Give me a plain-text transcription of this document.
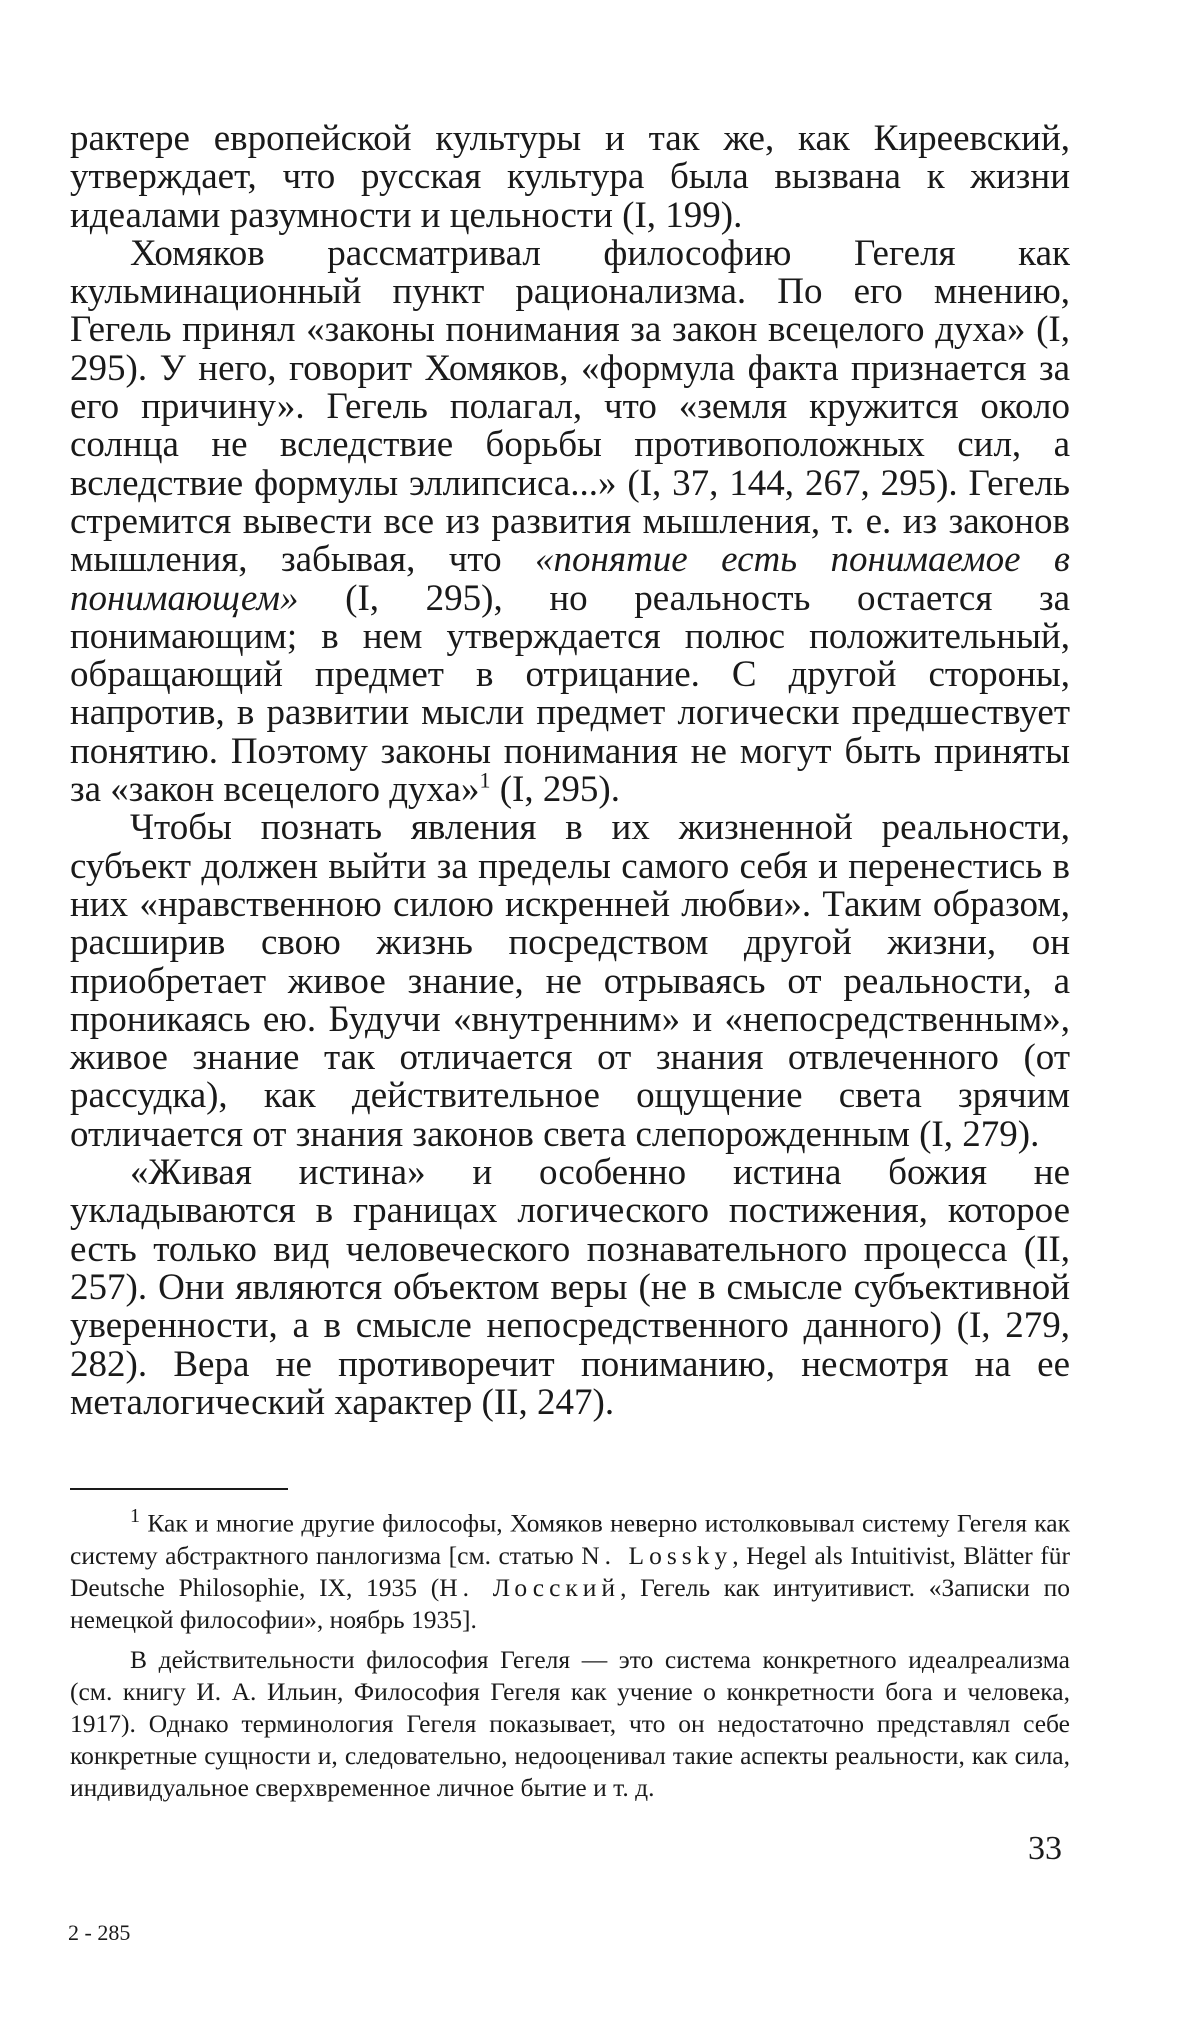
рактере европейской культуры и так же, как Киреевский, утверждает, что русская культура была вызвана к жизни идеалами разумности и цельности (I, 199).

Хомяков рассматривал философию Гегеля как кульминационный пункт рационализма. По его мнению, Гегель принял «законы понимания за закон всецелого духа» (I, 295). У него, говорит Хомяков, «формула факта признается за его причину». Гегель полагал, что «земля кружится около солнца не вследствие борьбы противоположных сил, а вследствие формулы эллипсиса...» (I, 37, 144, 267, 295). Гегель стремится вывести все из развития мышления, т. е. из законов мышления, забывая, что «понятие есть понимаемое в понимающем» (I, 295), но реальность остается за понимающим; в нем утверждается полюс положительный, обращающий предмет в отрицание. С другой стороны, напротив, в развитии мысли предмет логически предшествует понятию. Поэтому законы понимания не могут быть приняты за «закон всецелого духа»$^1$ (I, 295).

Чтобы познать явления в их жизненной реальности, субъект должен выйти за пределы самого себя и перенестись в них «нравственною силою искренней любви». Таким образом, расширив свою жизнь посредством другой жизни, он приобретает живое знание, не отрываясь от реальности, а проникаясь ею. Будучи «внутренним» и «непосредственным», живое знание так отличается от знания отвлеченного (от рассудка), как действительное ощущение света зрячим отличается от знания законов света слепорожденным (I, 279).

«Живая истина» и особенно истина божия не укладываются в границах логического постижения, которое есть только вид человеческого познавательного процесса (II, 257). Они являются объектом веры (не в смысле субъективной уверенности, а в смысле непосредственного данного) (I, 279, 282). Вера не противоречит пониманию, несмотря на ее металогический характер (II, 247).

$^1$ Как и многие другие философы, Хомяков неверно истолковывал систему Гегеля как систему абстрактного панлогизма [см. статью N. Lossky, Hegel als Intuitivist, Blätter für Deutsche Philosophie, IX, 1935 (Н. Лосский, Гегель как интуитивист. «Записки по немецкой философии», ноябрь 1935].

В действительности философия Гегеля — это система конкретного идеалреализма (см. книгу И. А. Ильин, Философия Гегеля как учение о конкретности бога и человека, 1917). Однако терминология Гегеля показывает, что он недостаточно представлял себе конкретные сущности и, следовательно, недооценивал такие аспекты реальности, как сила, индивидуальное сверхвременное личное бытие и т. д.

33
2 - 285
